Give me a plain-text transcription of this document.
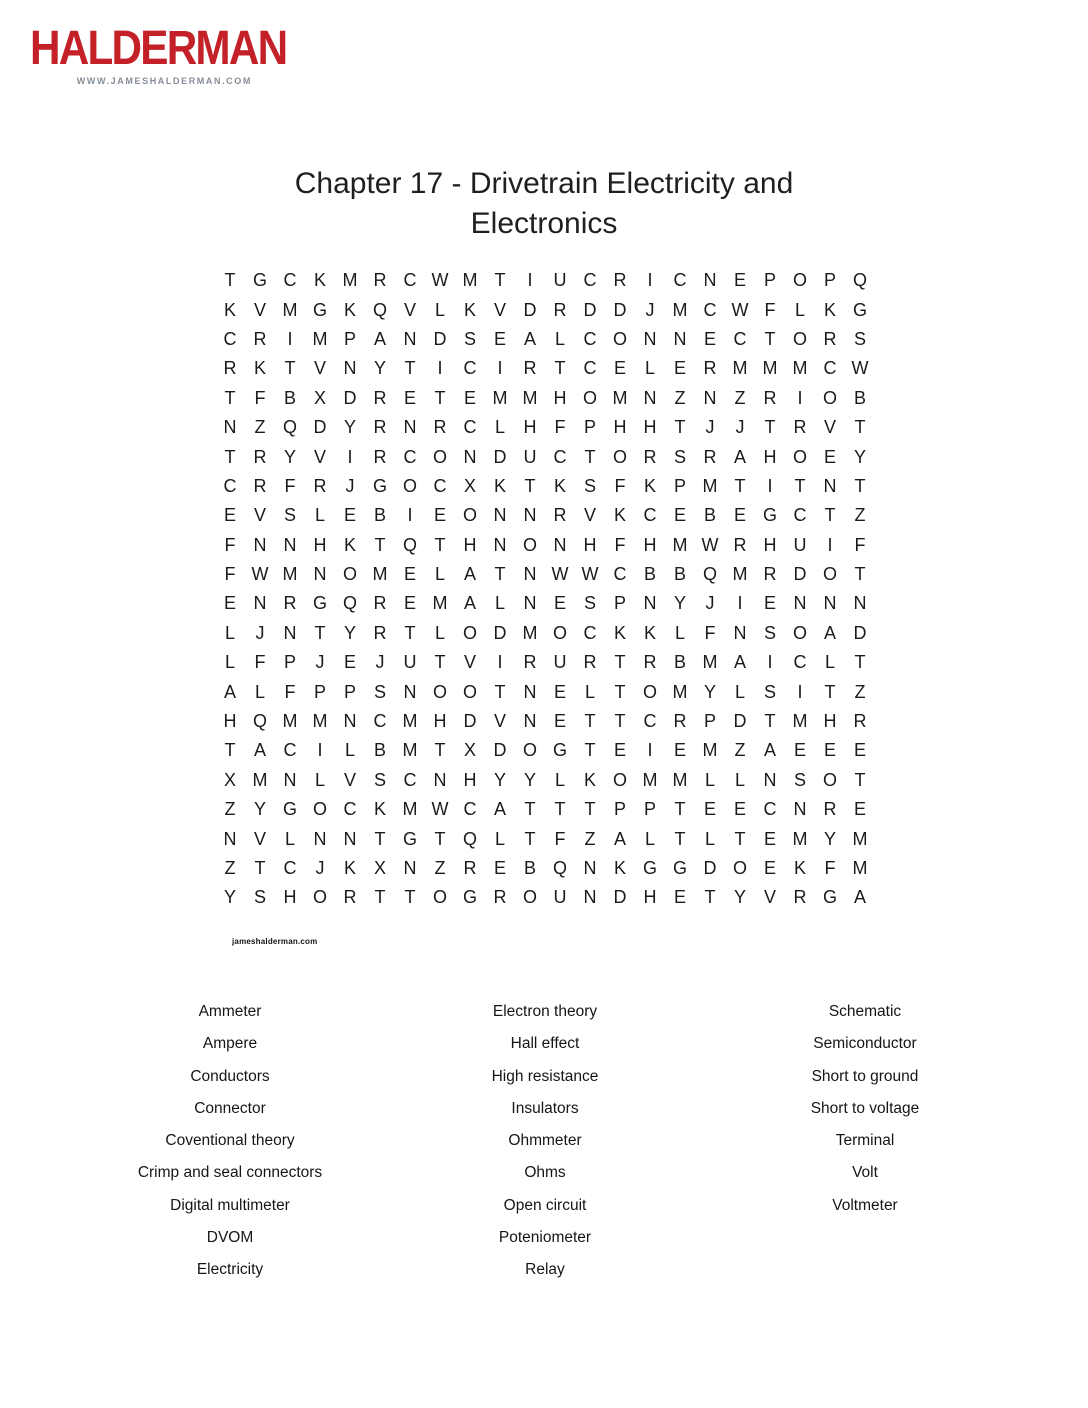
HALDERMAN
WWW.JAMESHALDERMAN.COM
Chapter 17 - Drivetrain Electricity and Electronics
T G C K M R C W M T	I	U C R	I	C N E P O P Q
K V M G K Q V	L	K V D R D D	J	M C W F	L	K G
C R	I	M P A N D S E A	L	C O N N E C	T O R S
R K	T	V N Y	T	I	C	I	R	T	C E	L	E R M M M C W
T	F	B X D R E	T	E M M H O M N	Z	N	Z	R	I	O B
N	Z Q D Y R N R C	L	H	F	P H H	T	J	J	T	R V	T
T	R Y V	I	R C O N D U C	T O R S R A H O E Y
C R	F	R	J	G O C X K	T	K S	F	K P M T	I	T	N	T
E V S	L	E B	I	E O N N R V K C E B E G C	T	Z
F	N N H K	T Q T	H N O N H	F	H M W R H U	I	F
F W M N O M E	L	A	T	N W W C B B Q M R D O T
E N R G Q R E M A	L	N E S P N Y	J	I	E N N N
L	J	N	T	Y R	T	L O D M O C K K	L	F	N S O A D
L	F	P	J	E	J	U	T	V	I	R U R	T	R B M A	I	C	L	T
A	L	F	P P S N O O T	N E	L	T O M Y	L	S	I	T	Z
H Q M M N C M H D V N E	T	T	C R P D	T M H R
T	A C	I	L	B M T	X D O G T	E	I	E M Z	A E E E
X M N	L	V S C N H Y Y	L	K O M M L	L	N S O T
Z	Y G O C K M W C A	T	T	T	P P	T	E E C N R E
N V	L	N N	T G T Q L	T	F	Z	A	L	T	L	T	E M Y M
Z	T	C	J	K X N	Z	R E B Q N K G G D O E K	F M
Y S H O R	T	T O G R O U N D H E	T	Y V R G A
jameshalderman.com
Ammeter
Ampere
Conductors
Connector
Coventional theory
Crimp and seal connectors
Digital multimeter
DVOM
Electricity
Electron theory
Hall effect
High resistance
Insulators
Ohmmeter
Ohms
Open circuit
Poteniometer
Relay
Schematic
Semiconductor
Short to ground
Short to voltage
Terminal
Volt
Voltmeter
